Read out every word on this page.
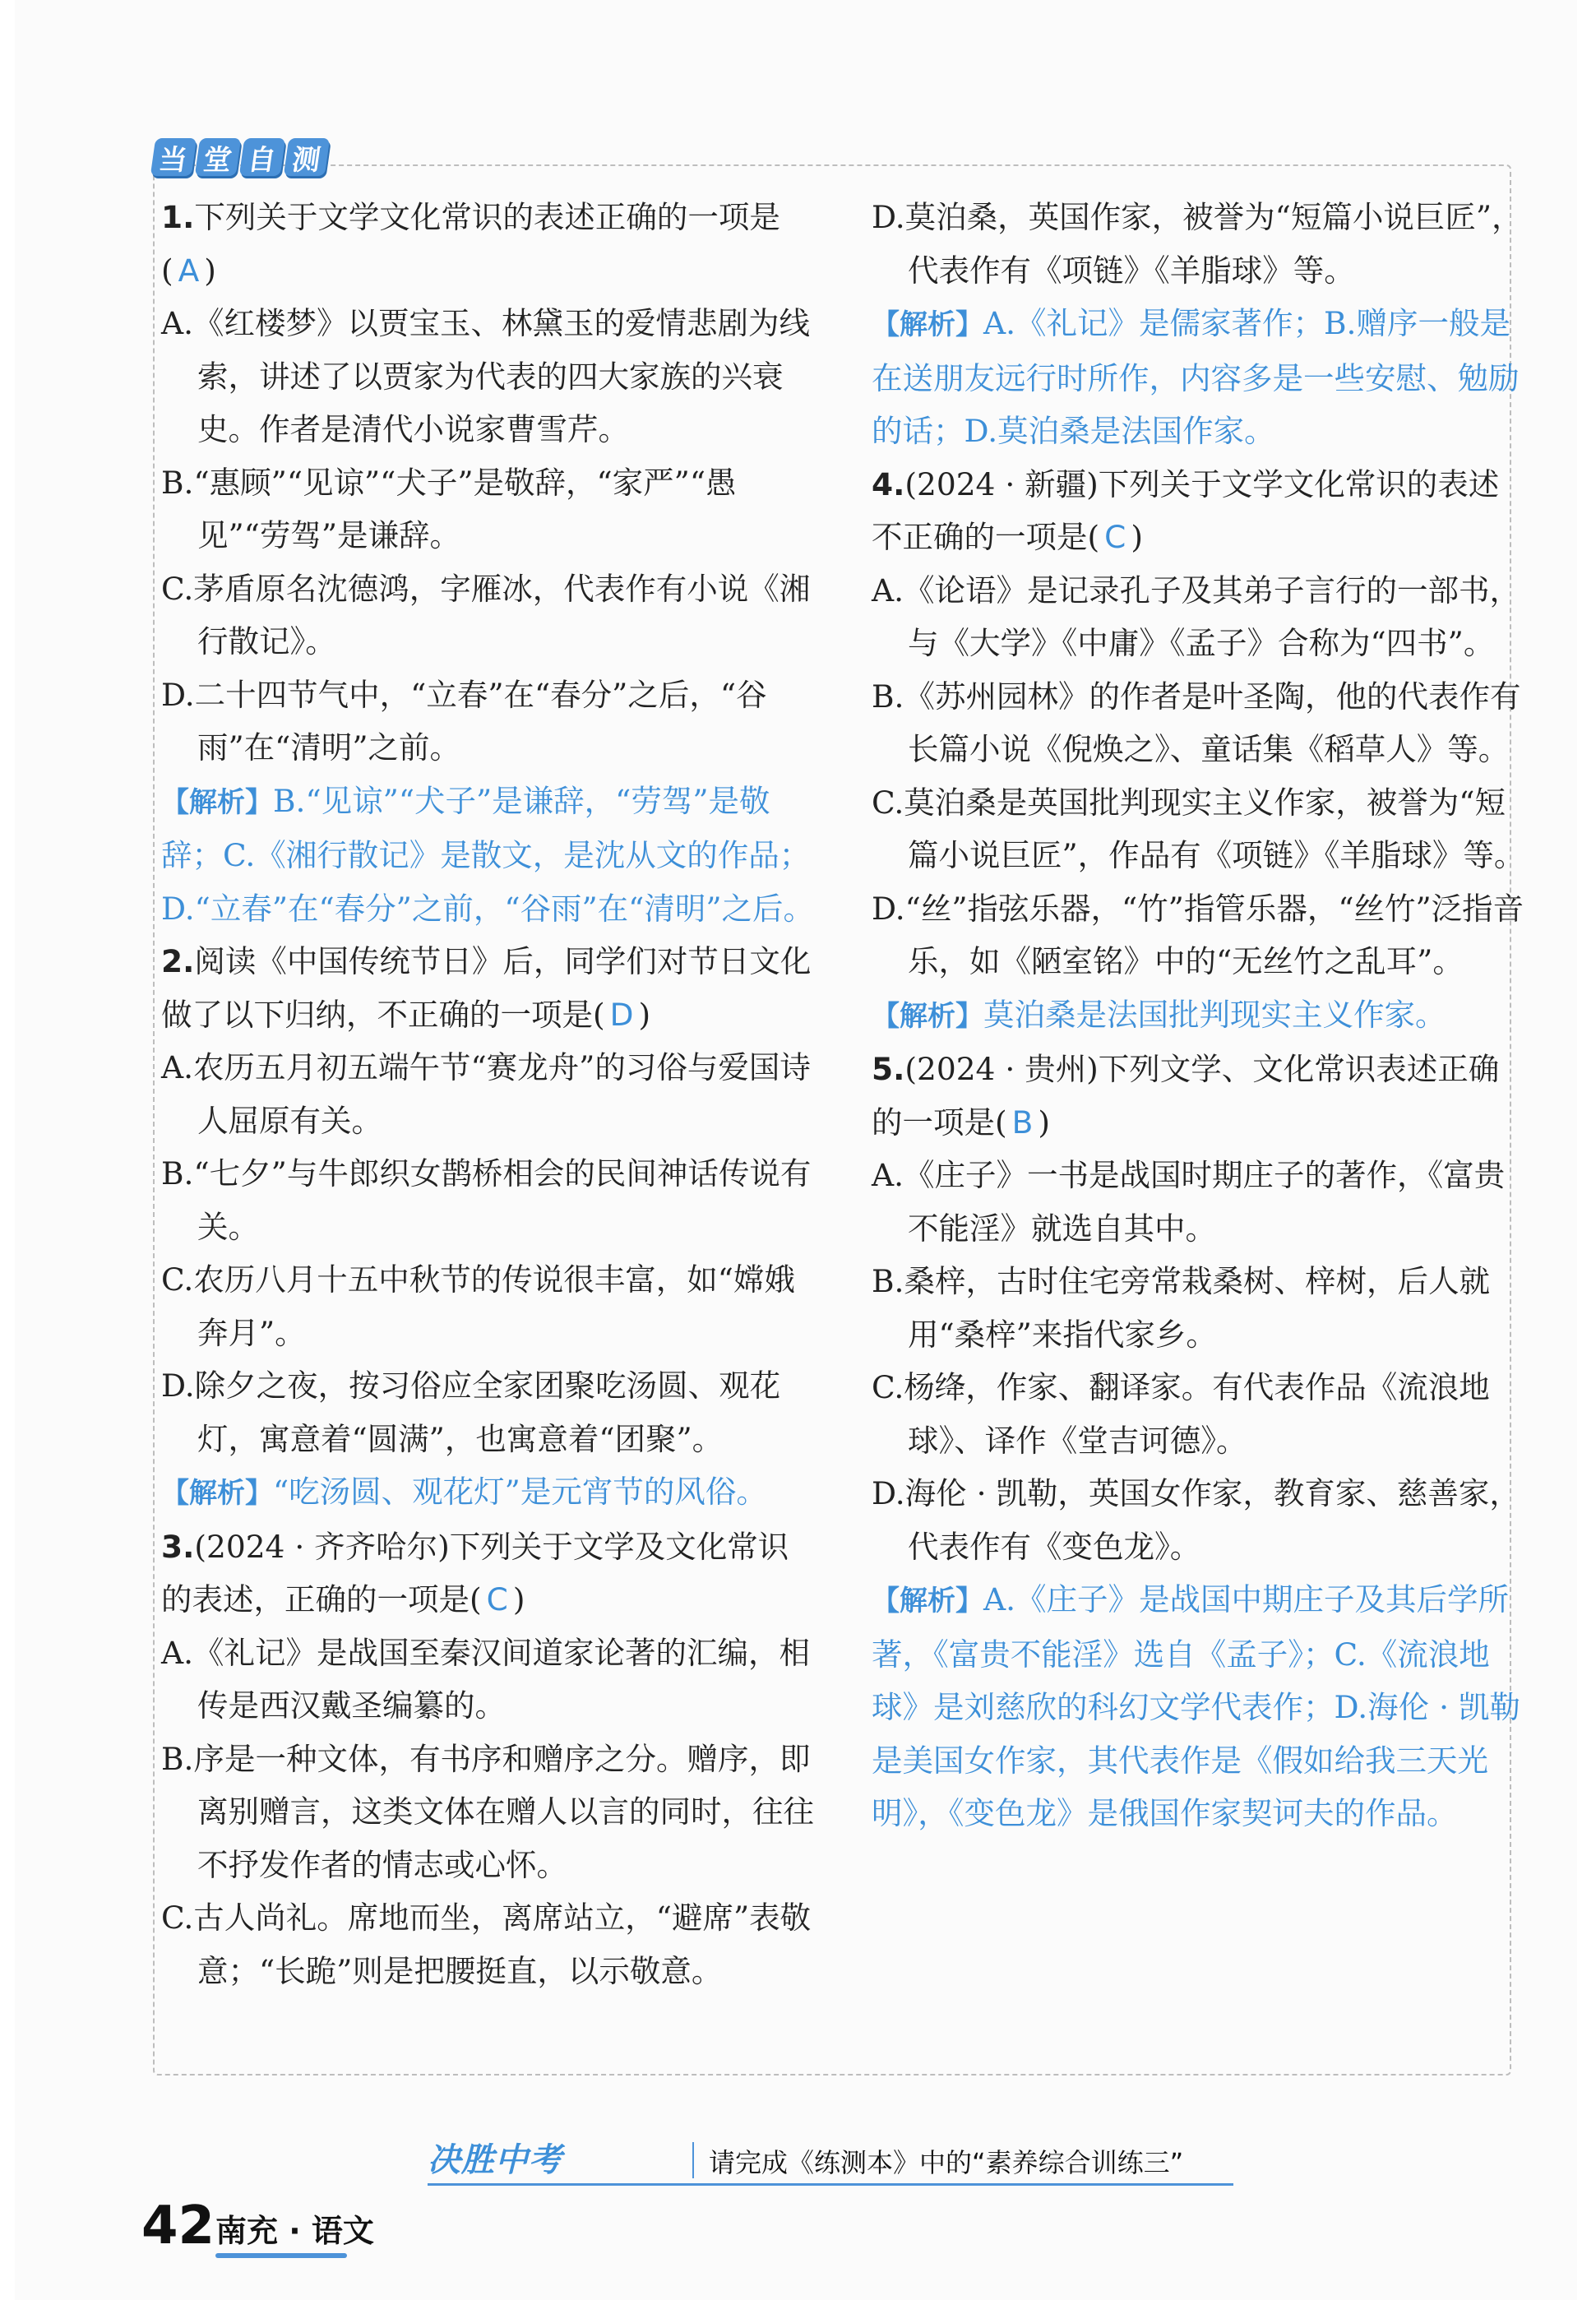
当 堂 自 测

1.下列关于文学文化常识的表述正确的一项是( A )

A.《红楼梦》以贾宝玉、林黛玉的爱情悲剧为线索，讲述了以贾家为代表的四大家族的兴衰史。作者是清代小说家曹雪芹。

B.“惠顾”“见谅”“犬子”是敬辞，“家严”“愚见”“劳驾”是谦辞。

C.茅盾原名沈德鸿，字雁冰，代表作有小说《湘行散记》。

D.二十四节气中，“立春”在“春分”之后，“谷雨”在“清明”之前。

【解析】B.“见谅”“犬子”是谦辞，“劳驾”是敬辞；C.《湘行散记》是散文，是沈从文的作品；D.“立春”在“春分”之前，“谷雨”在“清明”之后。

2.阅读《中国传统节日》后，同学们对节日文化做了以下归纳，不正确的一项是( D )

A.农历五月初五端午节“赛龙舟”的习俗与爱国诗人屈原有关。

B.“七夕”与牛郎织女鹊桥相会的民间神话传说有关。

C.农历八月十五中秋节的传说很丰富，如“嫦娥奔月”。

D.除夕之夜，按习俗应全家团聚吃汤圆、观花灯，寓意着“圆满”，也寓意着“团聚”。

【解析】“吃汤圆、观花灯”是元宵节的风俗。

3.(2024 · 齐齐哈尔)下列关于文学及文化常识的表述，正确的一项是( C )

A.《礼记》是战国至秦汉间道家论著的汇编，相传是西汉戴圣编纂的。

B.序是一种文体，有书序和赠序之分。赠序，即离别赠言，这类文体在赠人以言的同时，往往不抒发作者的情志或心怀。

C.古人尚礼。席地而坐，离席站立，“避席”表敬意；“长跪”则是把腰挺直，以示敬意。

D.莫泊桑，英国作家，被誉为“短篇小说巨匠”，代表作有《项链》《羊脂球》等。

【解析】A.《礼记》是儒家著作；B.赠序一般是在送朋友远行时所作，内容多是一些安慰、勉励的话；D.莫泊桑是法国作家。

4.(2024 · 新疆)下列关于文学文化常识的表述不正确的一项是( C )

A.《论语》是记录孔子及其弟子言行的一部书，与《大学》《中庸》《孟子》合称为“四书”。

B.《苏州园林》的作者是叶圣陶，他的代表作有长篇小说《倪焕之》、童话集《稻草人》等。

C.莫泊桑是英国批判现实主义作家，被誉为“短篇小说巨匠”，作品有《项链》《羊脂球》等。

D.“丝”指弦乐器，“竹”指管乐器，“丝竹”泛指音乐，如《陋室铭》中的“无丝竹之乱耳”。

【解析】莫泊桑是法国批判现实主义作家。

5.(2024 · 贵州)下列文学、文化常识表述正确的一项是( B )

A.《庄子》一书是战国时期庄子的著作，《富贵不能淫》就选自其中。

B.桑梓，古时住宅旁常栽桑树、梓树，后人就用“桑梓”来指代家乡。

C.杨绛，作家、翻译家。有代表作品《流浪地球》、译作《堂吉诃德》。

D.海伦 · 凯勒，英国女作家，教育家、慈善家，代表作有《变色龙》。

【解析】A.《庄子》是战国中期庄子及其后学所著，《富贵不能淫》选自《孟子》；C.《流浪地球》是刘慈欣的科幻文学代表作；D.海伦 · 凯勒是美国女作家，其代表作是《假如给我三天光明》，《变色龙》是俄国作家契诃夫的作品。

决胜中考	请完成《练测本》中的“素养综合训练三”
42 南充 · 语文
